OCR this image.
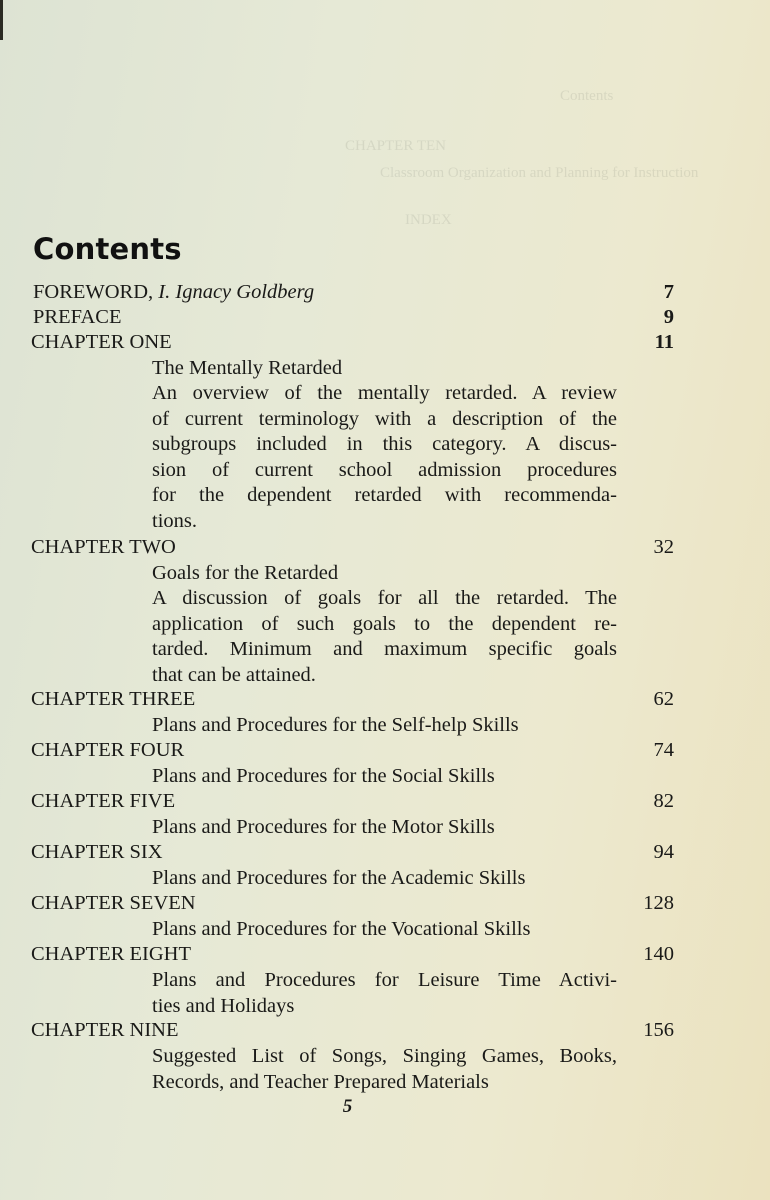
Contents
CHAPTER TEN
Classroom Organization and Planning for Instruction
INDEX
Contents
FOREWORD, I. Ignacy Goldberg	7
PREFACE	9
CHAPTER ONE	11
The Mentally Retarded
An overview of the mentally retarded. A review
of current terminology with a description of the
subgroups included in this category. A discus-
sion of current school admission procedures
for the dependent retarded with recommenda-
tions.
CHAPTER TWO	32
Goals for the Retarded
A discussion of goals for all the retarded. The
application of such goals to the dependent re-
tarded. Minimum and maximum specific goals
that can be attained.
CHAPTER THREE	62
Plans and Procedures for the Self-help Skills
CHAPTER FOUR	74
Plans and Procedures for the Social Skills
CHAPTER FIVE	82
Plans and Procedures for the Motor Skills
CHAPTER SIX	94
Plans and Procedures for the Academic Skills
CHAPTER SEVEN	128
Plans and Procedures for the Vocational Skills
CHAPTER EIGHT	140
Plans and Procedures for Leisure Time Activi-
ties and Holidays
CHAPTER NINE	156
Suggested List of Songs, Singing Games, Books,
Records, and Teacher Prepared Materials
5
